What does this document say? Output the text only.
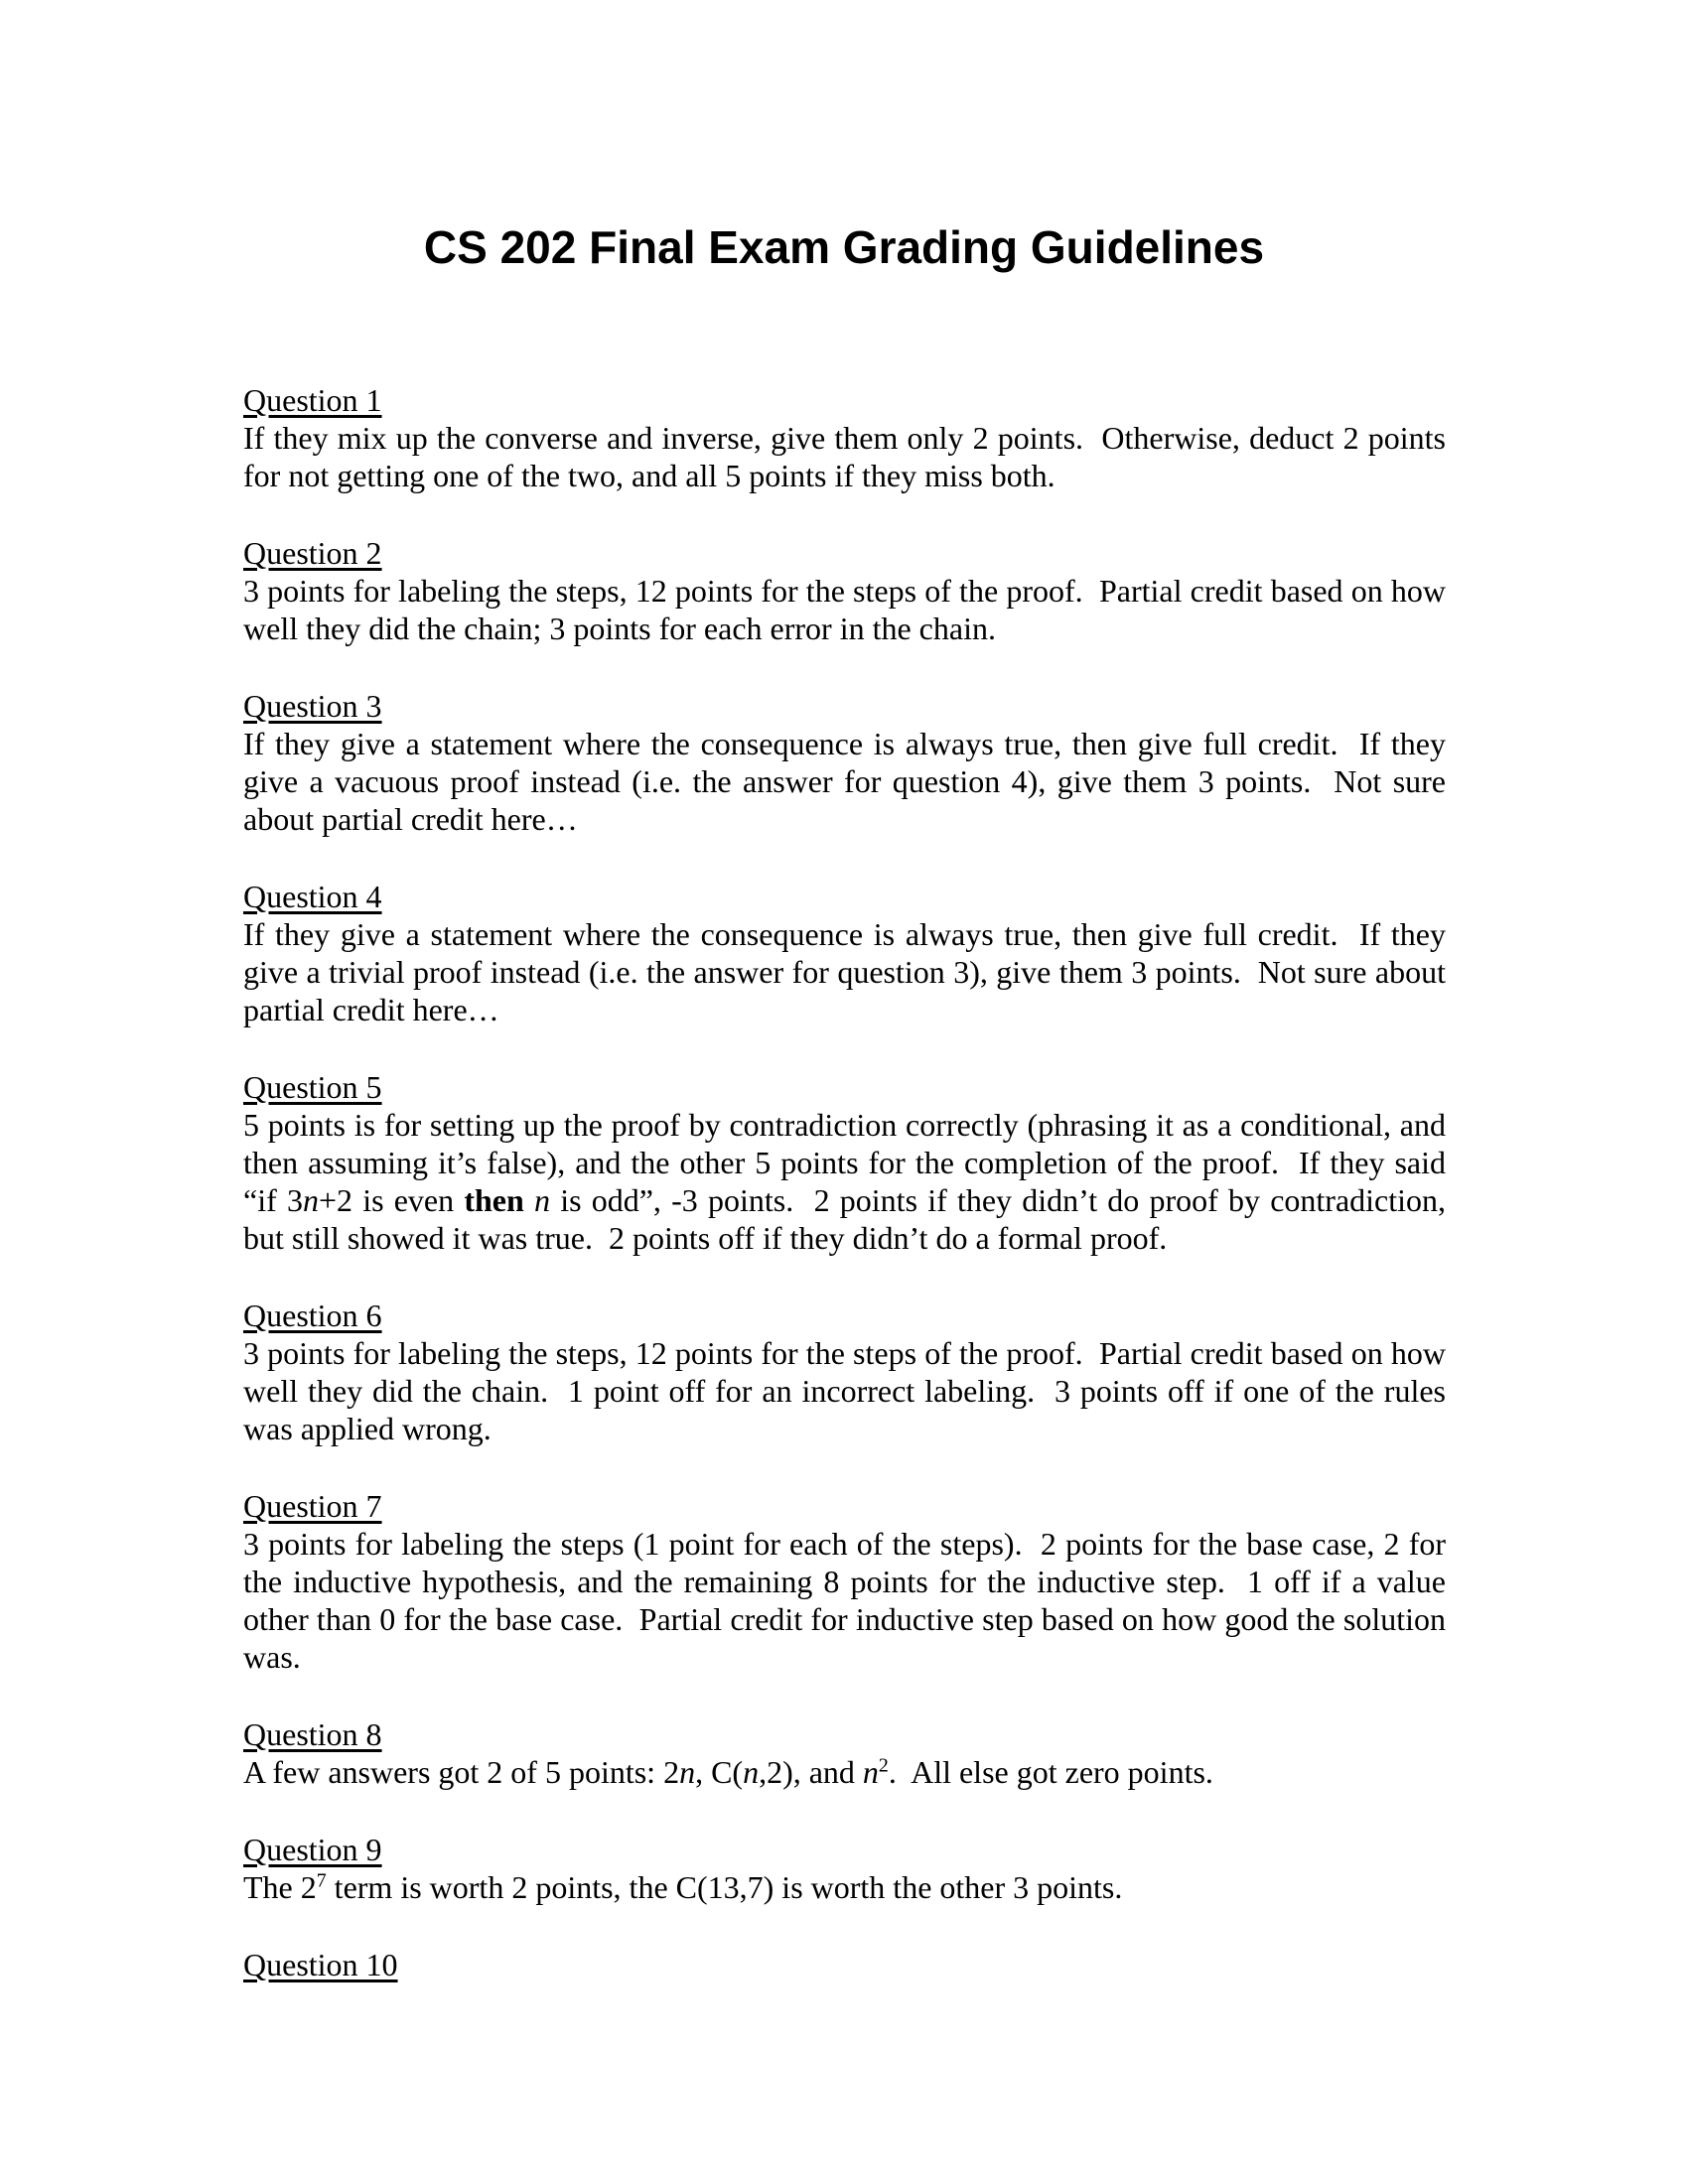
CS 202 Final Exam Grading Guidelines
Question 1

If they mix up the converse and inverse, give them only 2 points.  Otherwise, deduct 2 points for not getting one of the two, and all 5 points if they miss both.

Question 2

3 points for labeling the steps, 12 points for the steps of the proof.  Partial credit based on how well they did the chain; 3 points for each error in the chain.

Question 3

If they give a statement where the consequence is always true, then give full credit.  If they give a vacuous proof instead (i.e. the answer for question 4), give them 3 points.  Not sure about partial credit here…

Question 4

If they give a statement where the consequence is always true, then give full credit.  If they give a trivial proof instead (i.e. the answer for question 3), give them 3 points.  Not sure about partial credit here…

Question 5

5 points is for setting up the proof by contradiction correctly (phrasing it as a conditional, and then assuming it’s false), and the other 5 points for the completion of the proof.  If they said “if 3n+2 is even then n is odd”, -3 points.  2 points if they didn’t do proof by contradiction, but still showed it was true.  2 points off if they didn’t do a formal proof.

Question 6

3 points for labeling the steps, 12 points for the steps of the proof.  Partial credit based on how well they did the chain.  1 point off for an incorrect labeling.  3 points off if one of the rules was applied wrong.

Question 7

3 points for labeling the steps (1 point for each of the steps).  2 points for the base case, 2 for the inductive hypothesis, and the remaining 8 points for the inductive step.  1 off if a value other than 0 for the base case.  Partial credit for inductive step based on how good the solution was.

Question 8

A few answers got 2 of 5 points: 2n, C(n,2), and $n^2$.  All else got zero points.

Question 9

The $2^7$ term is worth 2 points, the C(13,7) is worth the other 3 points.

Question 10
